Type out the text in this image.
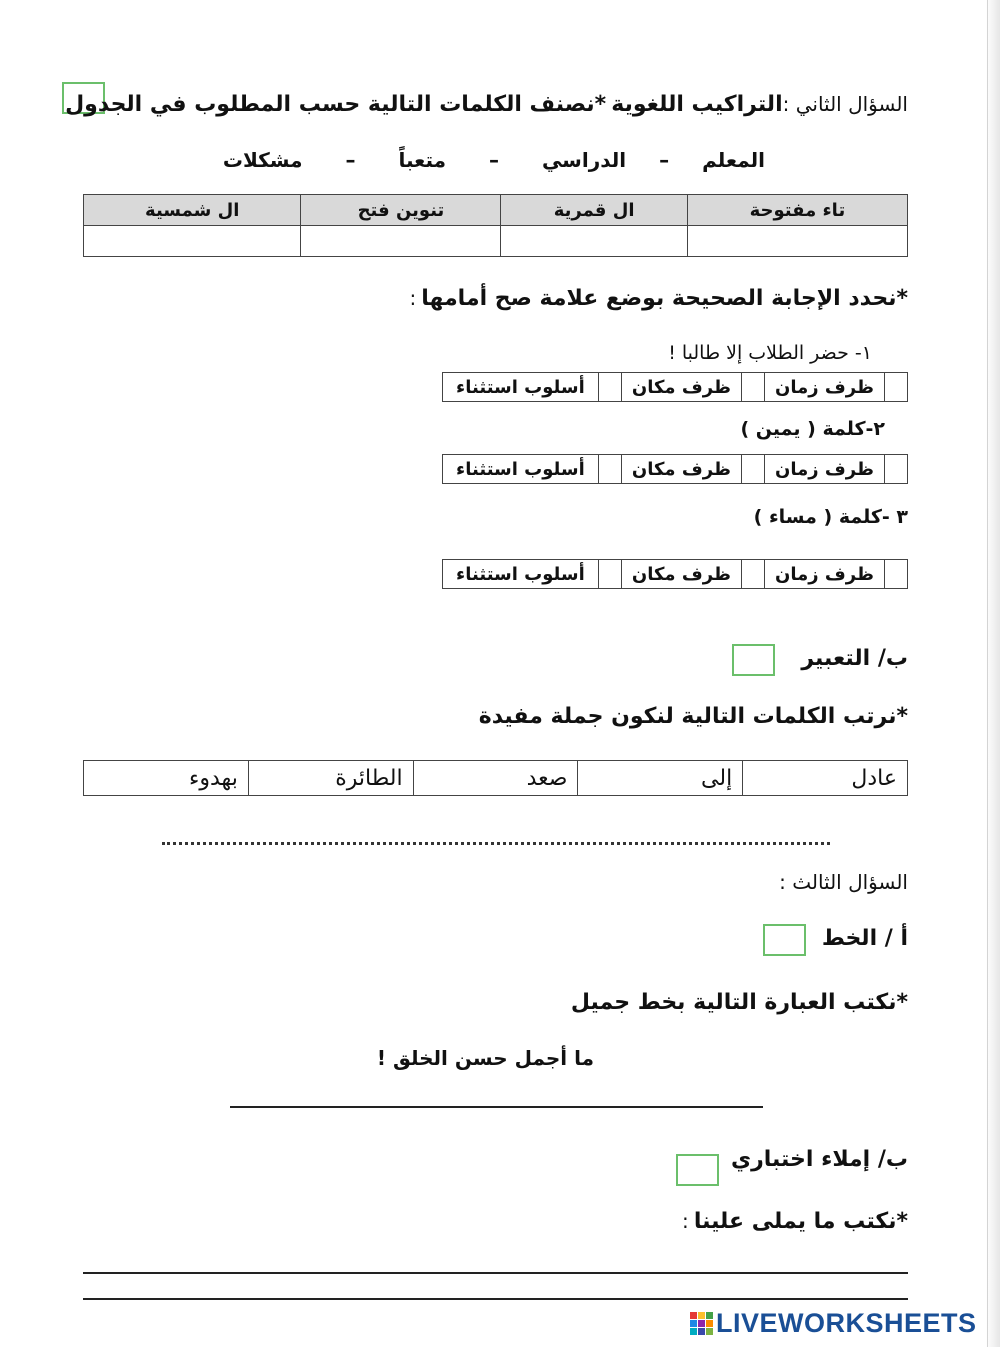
السؤال الثاني :التراكيب اللغوية *نصنف الكلمات التالية حسب المطلوب في الجدول
المعلم – الدراسي – متعباً – مشكلات
تاء مفتوحة	ال قمرية	تنوين فتح	ال شمسية

*نحدد الإجابة الصحيحة بوضع علامة صح أمامها :
١- حضر الطلاب إلا طالبا !
	ظرف زمان		ظرف مكان		أسلوب استثناء
٢-كلمة ( يمين )
	ظرف زمان		ظرف مكان		أسلوب استثناء
٣ -كلمة ( مساء )
	ظرف زمان		ظرف مكان		أسلوب استثناء
ب/ التعبير
*نرتب الكلمات التالية لنكون جملة مفيدة
عادل	إلى	صعد	الطائرة	بهدوء
السؤال الثالث :
أ / الخط
*نكتب العبارة التالية بخط جميل
ما أجمل حسن الخلق !
ب/ إملاء اختباري
*نكتب ما يملى علينا :
LIVEWORKSHEETS
